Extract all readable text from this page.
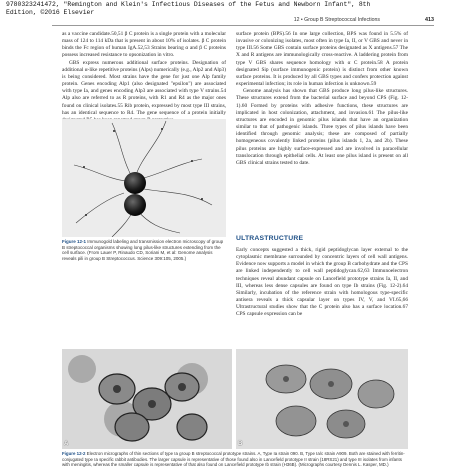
9780323241472, "Remington and Klein's Infectious Diseases of the Fetus and Newborn Infant", 8th
Edition, ©2016 Elsevier
12 • Group B Streptococcal Infections	413

as a vaccine candidate.50,51 β C protein is a single protein with a molecular mass of 124 to 114 kDa that is present in about 10% of isolates. β C protein binds the Fc region of human IgA.52,53 Strains bearing α and β C proteins possess increased resistance to opsonization in vitro.

GBS express numerous additional surface proteins. Designation of additional α-like repetitive proteins (Alps) numerically (e.g., Alp2 and Alp3) is being considered. Most strains have the gene for just one Alp family protein. Genes encoding Alp1 (also designated "epsilon") are associated with type Ia, and genes encoding Alp3 are associated with type V strains.54 Alp also are referred to as R proteins, with R1 and R4 as the major ones found on clinical isolates.55 Rib protein, expressed by most type III strains, has an identical sequence to R4. The gene sequence of a protein initially

Figure 12-1 Immunogold labeling and transmission electron microscopy of group B streptococcal organisms showing long pilus-like structures extending from the cell surface. (From Lauer P, Rinaudo CD, Soriani M, et al: Genome analysis reveals pili in group B Streptococcus. Science 309:105, 2005.)

surface protein (BPS).56 In one large collection, BPS was found in 5.5% of invasive or colonizing isolates, most often in type Ia, II, or V GBS and never in type III.56 Some GBS contain surface proteins designated as X antigens.57 The X and R antigens are immunologically cross-reactive. A laddering protein from type V GBS shares sequence homology with α C protein.58 A protein designated Sip (surface immunogenic protein) is distinct from other known surface proteins. It is produced by all GBS types and confers protection against experimental infection; its role in human infection is unknown.59

Genome analysis has shown that GBS produce long pilus-like structures. These structures extend from the bacterial surface and beyond CPS (Fig. 12-1).60 Formed by proteins with adhesive functions, these structures are implicated in host colonization, attachment, and invasion.61 The pilus-like structures are encoded in genomic pilus islands that have an organization similar to that of pathogenic islands. Three types of pilus islands have been identified through genomic analysis; these are composed of partially homogeneous covalently linked proteins (pilus islands 1, 2a, and 2b). These pilus proteins are highly surface-expressed and are involved in paracellular translocation through epithelial cells. At least one pilus island is present on all GBS clinical strains tested to date.

ULTRASTRUCTURE

Early concepts suggested a thick, rigid peptidoglycan layer external to the cytoplasmic membrane surrounded by concentric layers of cell wall antigens. Evidence now supports a model in which the group B carbohydrate and the CPS are linked independently to cell wall peptidoglycan.62,63 Immunoelectron techniques reveal abundant capsule on Lancefield prototype strains Ia, II, and III, whereas less dense capsules are found on type Ib strains (Fig. 12-2).64 Similarly, incubation of the reference strain with homologous type-specific antisera reveals a thick capsular layer on types IV, V, and VI.65,66 Ultrastructural studies show that the C protein also has a surface location.67 CPS capsule expression can be

A	B
Figure 12-2 Electron micrographs of thin sections of type Ia group B streptococcal prototype strains. A, Type Ia strain 090. B, Type Ia/c strain A909. Both are stained with ferritin-conjugated type Ia specific rabbit antibodies. The larger capsule is representative of those found also in Lancefield prototype II strain (18RS21) and type III isolates from infants with meningitis, whereas the smaller capsule is representative of that also found on Lancefield prototype Ib strain (H36B). (Micrographs courtesy Dennis L. Kasper, MD.)
